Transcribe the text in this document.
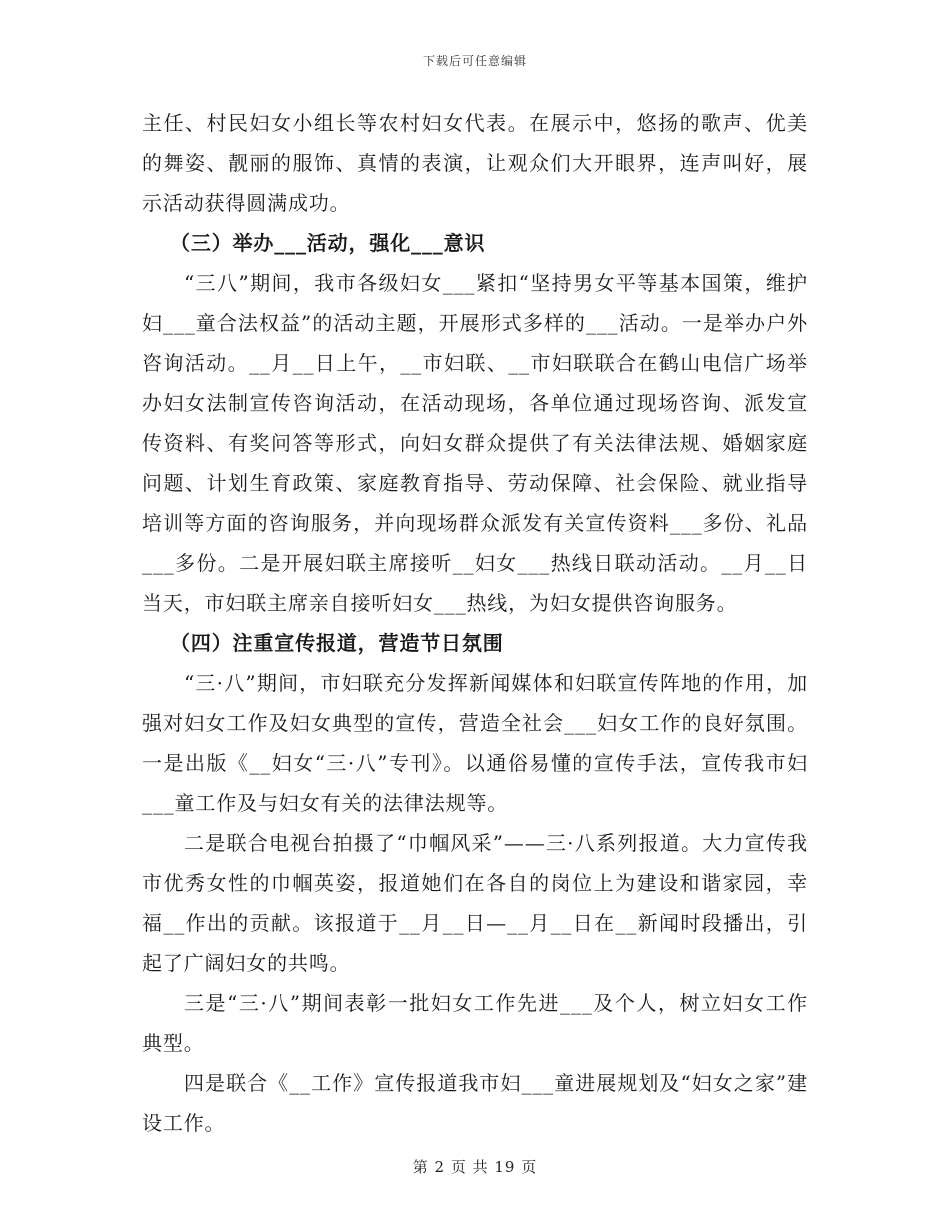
下载后可任意编辑

主任、村民妇女小组长等农村妇女代表。在展示中，悠扬的歌声、优美的舞姿、靓丽的服饰、真情的表演，让观众们大开眼界，连声叫好，展示活动获得圆满成功。

（三）举办___活动，强化___意识

“三八”期间，我市各级妇女___紧扣“坚持男女平等基本国策，维护妇___童合法权益”的活动主题，开展形式多样的___活动。一是举办户外咨询活动。__月__日上午，__市妇联、__市妇联联合在鹤山电信广场举办妇女法制宣传咨询活动，在活动现场，各单位通过现场咨询、派发宣传资料、有奖问答等形式，向妇女群众提供了有关法律法规、婚姻家庭问题、计划生育政策、家庭教育指导、劳动保障、社会保险、就业指导培训等方面的咨询服务，并向现场群众派发有关宣传资料___多份、礼品___多份。二是开展妇联主席接听__妇女___热线日联动活动。__月__日当天，市妇联主席亲自接听妇女___热线，为妇女提供咨询服务。

（四）注重宣传报道，营造节日氛围

“三·八”期间，市妇联充分发挥新闻媒体和妇联宣传阵地的作用，加强对妇女工作及妇女典型的宣传，营造全社会___妇女工作的良好氛围。一是出版《__妇女“三·八”专刊》。以通俗易懂的宣传手法，宣传我市妇___童工作及与妇女有关的法律法规等。

二是联合电视台拍摄了“巾帼风采”——三·八系列报道。大力宣传我市优秀女性的巾帼英姿，报道她们在各自的岗位上为建设和谐家园，幸福__作出的贡献。该报道于__月__日—__月__日在__新闻时段播出，引起了广阔妇女的共鸣。

三是“三·八”期间表彰一批妇女工作先进___及个人，树立妇女工作典型。

四是联合《__工作》宣传报道我市妇___童进展规划及“妇女之家”建设工作。

第 2 页 共 19 页
